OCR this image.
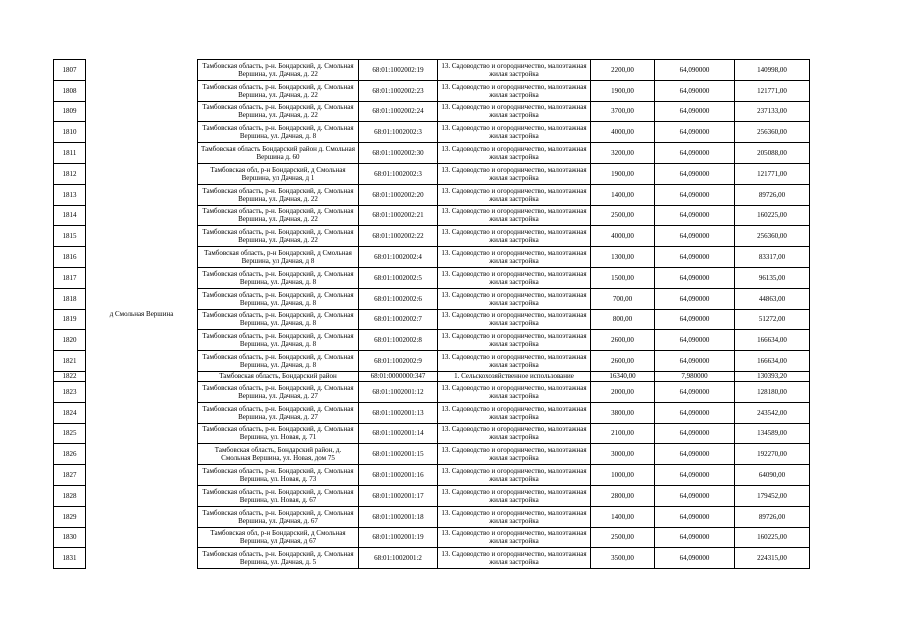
1807	д Смольная Вершина	Тамбовская область, р-н. Бондарский, д. Смольная Вершина, ул. Дачная, д. 22	68:01:1002002:19	13. Садоводство и огородничество, малоэтажная жилая застройка	2200,00	64,090000	140998,00
1808		Тамбовская область, р-н. Бондарский, д. Смольная Вершина, ул. Дачная, д. 22	68:01:1002002:23	13. Садоводство и огородничество, малоэтажная жилая застройка	1900,00	64,090000	121771,00
1809		Тамбовская область, р-н. Бондарский, д. Смольная Вершина, ул. Дачная, д. 22	68:01:1002002:24	13. Садоводство и огородничество, малоэтажная жилая застройка	3700,00	64,090000	237133,00
1810		Тамбовская область, р-н. Бондарский, д. Смольная Вершина, ул. Дачная, д. 8	68:01:1002002:3	13. Садоводство и огородничество, малоэтажная жилая застройка	4000,00	64,090000	256360,00
1811		Тамбовская область Бондарский район д. Смольная Вершина д. 60	68:01:1002002:30	13. Садоводство и огородничество, малоэтажная жилая застройка	3200,00	64,090000	205088,00
1812		Тамбовская обл, р-н Бондарский, д Смольная Вершина, ул Дачная, д 1	68:01:1002002:3	13. Садоводство и огородничество, малоэтажная жилая застройка	1900,00	64,090000	121771,00
1813		Тамбовская область, р-н. Бондарский, д. Смольная Вершина, ул. Дачная, д. 22	68:01:1002002:20	13. Садоводство и огородничество, малоэтажная жилая застройка	1400,00	64,090000	89726,00
1814		Тамбовская область, р-н. Бондарский, д. Смольная Вершина, ул. Дачная, д. 22	68:01:1002002:21	13. Садоводство и огородничество, малоэтажная жилая застройка	2500,00	64,090000	160225,00
1815		Тамбовская область, р-н. Бондарский, д. Смольная Вершина, ул. Дачная, д. 22	68:01:1002002:22	13. Садоводство и огородничество, малоэтажная жилая застройка	4000,00	64,090000	256360,00
1816		Тамбовская область, р-н Бондарский, д Смольная Вершина, ул Дачная, д 8	68:01:1002002:4	13. Садоводство и огородничество, малоэтажная жилая застройка	1300,00	64,090000	83317,00
1817		Тамбовская область, р-н. Бондарский, д. Смольная Вершина, ул. Дачная, д. 8	68:01:1002002:5	13. Садоводство и огородничество, малоэтажная жилая застройка	1500,00	64,090000	96135,00
1818		Тамбовская область, р-н. Бондарский, д. Смольная Вершина, ул. Дачная, д. 8	68:01:1002002:6	13. Садоводство и огородничество, малоэтажная жилая застройка	700,00	64,090000	44863,00
1819		Тамбовская область, р-н. Бондарский, д. Смольная Вершина, ул. Дачная, д. 8	68:01:1002002:7	13. Садоводство и огородничество, малоэтажная жилая застройка	800,00	64,090000	51272,00
1820		Тамбовская область, р-н. Бондарский, д. Смольная Вершина, ул. Дачная, д. 8	68:01:1002002:8	13. Садоводство и огородничество, малоэтажная жилая застройка	2600,00	64,090000	166634,00
1821		Тамбовская область, р-н. Бондарский, д. Смольная Вершина, ул. Дачная, д. 8	68:01:1002002:9	13. Садоводство и огородничество, малоэтажная жилая застройка	2600,00	64,090000	166634,00
1822		Тамбовская область, Бондарский район	68:01:0000000:347	1. Сельскохозяйственное использование	16340,00	7,980000	130393,20
1823		Тамбовская область, р-н. Бондарский, д. Смольная Вершина, ул. Дачная, д. 27	68:01:1002001:12	13. Садоводство и огородничество, малоэтажная жилая застройка	2000,00	64,090000	128180,00
1824		Тамбовская область, р-н. Бондарский, д. Смольная Вершина, ул. Дачная, д. 27	68:01:1002001:13	13. Садоводство и огородничество, малоэтажная жилая застройка	3800,00	64,090000	243542,00
1825		Тамбовская область, р-н. Бондарский, д. Смольная Вершина, ул. Новая, д. 71	68:01:1002001:14	13. Садоводство и огородничество, малоэтажная жилая застройка	2100,00	64,090000	134589,00
1826		Тамбовская область, Бондарский район, д. Смольная Вершина, ул. Новая, дом 75	68:01:1002001:15	13. Садоводство и огородничество, малоэтажная жилая застройка	3000,00	64,090000	192270,00
1827		Тамбовская область, р-н. Бондарский, д. Смольная Вершина, ул. Новая, д. 73	68:01:1002001:16	13. Садоводство и огородничество, малоэтажная жилая застройка	1000,00	64,090000	64090,00
1828		Тамбовская область, р-н. Бондарский, д. Смольная Вершина, ул. Новая, д. 67	68:01:1002001:17	13. Садоводство и огородничество, малоэтажная жилая застройка	2800,00	64,090000	179452,00
1829		Тамбовская область, р-н. Бондарский, д. Смольная Вершина, ул. Дачная, д. 67	68:01:1002001:18	13. Садоводство и огородничество, малоэтажная жилая застройка	1400,00	64,090000	89726,00
1830		Тамбовская обл, р-н Бондарский, д Смольная Вершина, ул Дачная, д 67	68:01:1002001:19	13. Садоводство и огородничество, малоэтажная жилая застройка	2500,00	64,090000	160225,00
1831		Тамбовская область, р-н. Бондарский, д. Смольная Вершина, ул. Дачная, д. 5	68:01:1002001:2	13. Садоводство и огородничество, малоэтажная жилая застройка	3500,00	64,090000	224315,00
